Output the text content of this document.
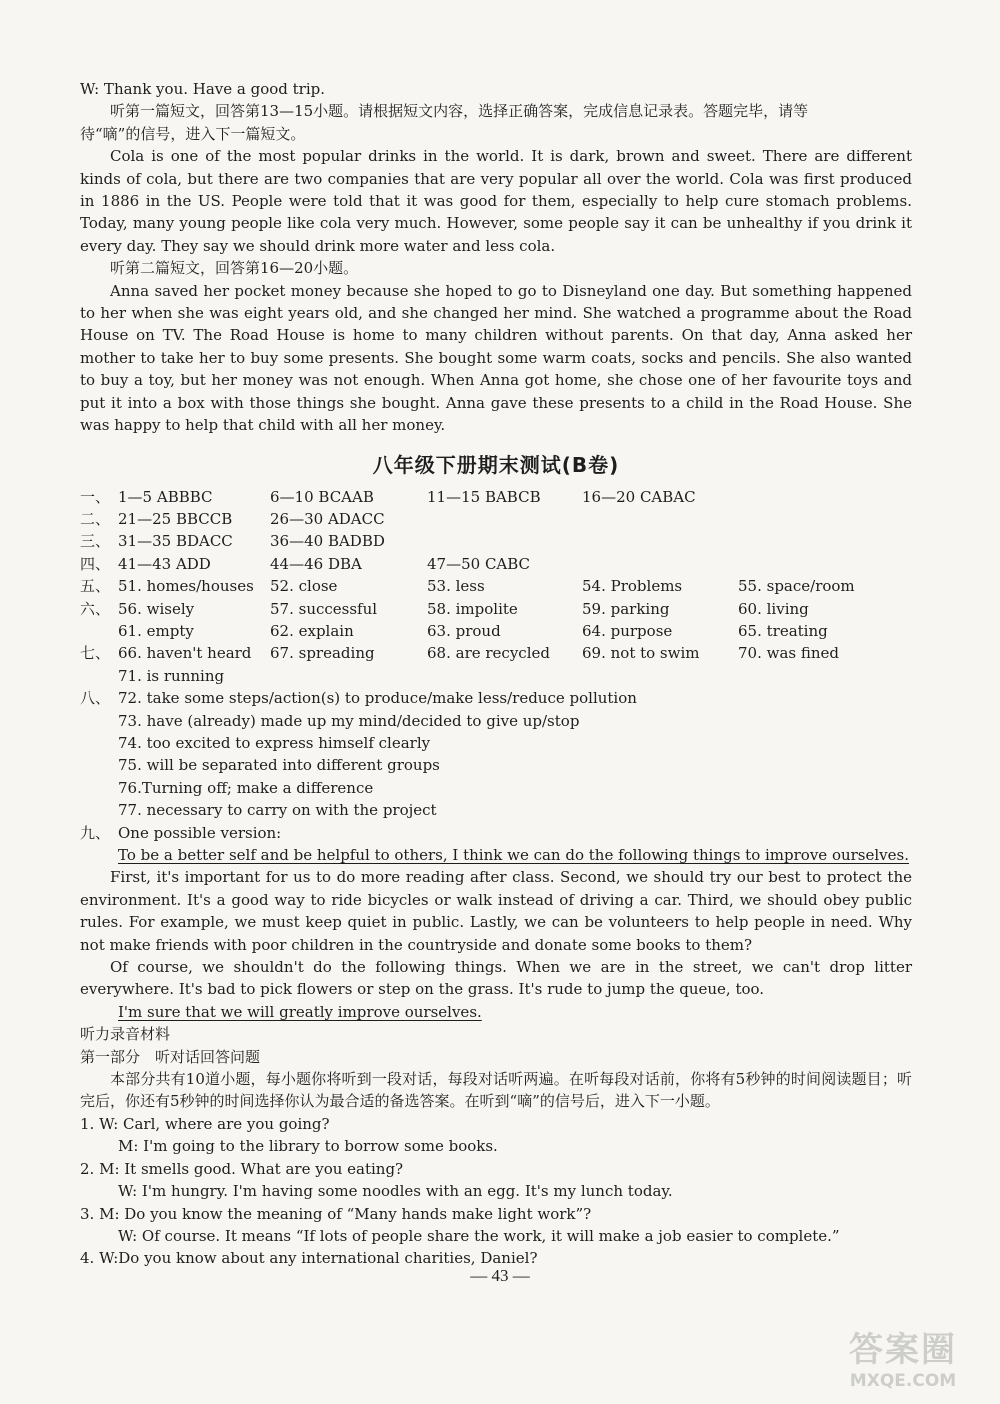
W: Thank you. Have a good trip.
听第一篇短文，回答第13—15小题。请根据短文内容，选择正确答案，完成信息记录表。答题完毕，请等
待“嘀”的信号，进入下一篇短文。
Cola is one of the most popular drinks in the world. It is dark, brown and sweet. There are different kinds of cola, but there are two companies that are very popular all over the world. Cola was first produced in 1886 in the US. People were told that it was good for them, especially to help cure stomach problems. Today, many young people like cola very much. However, some people say it can be unhealthy if you drink it every day. They say we should drink more water and less cola.
听第二篇短文，回答第16—20小题。
Anna saved her pocket money because she hoped to go to Disneyland one day. But something happened to her when she was eight years old, and she changed her mind. She watched a programme about the Road House on TV. The Road House is home to many children without parents. On that day, Anna asked her mother to take her to buy some presents. She bought some warm coats, socks and pencils. She also wanted to buy a toy, but her money was not enough. When Anna got home, she chose one of her favourite toys and put it into a box with those things she bought. Anna gave these presents to a child in the Road House. She was happy to help that child with all her money.
八年级下册期末测试(B卷)
一、 1—5 ABBBC	6—10 BCAAB	11—15 BABCB	16—20 CABAC
二、 21—25 BBCCB	26—30 ADACC
三、 31—35 BDACC	36—40 BADBD
四、 41—43 ADD	44—46 DBA	47—50 CABC
五、 51. homes/houses	52. close	53. less	54. Problems	55. space/room
六、 56. wisely	57. successful	58. impolite	59. parking	60. living
61. empty	62. explain	63. proud	64. purpose	65. treating
七、 66. haven't heard	67. spreading	68. are recycled	69. not to swim	70. was fined
71. is running
八、 72. take some steps/action(s) to produce/make less/reduce pollution
73. have (already) made up my mind/decided to give up/stop
74. too excited to express himself clearly
75. will be separated into different groups
76.Turning off; make a difference
77. necessary to carry on with the project
九、 One possible version:
To be a better self and be helpful to others, I think we can do the following things to improve ourselves.
First, it's important for us to do more reading after class. Second, we should try our best to protect the environment. It's a good way to ride bicycles or walk instead of driving a car. Third, we should obey public rules. For example, we must keep quiet in public. Lastly, we can be volunteers to help people in need. Why not make friends with poor children in the countryside and donate some books to them?
Of course, we shouldn't do the following things. When we are in the street, we can't drop litter everywhere. It's bad to pick flowers or step on the grass. It's rude to jump the queue, too.
I'm sure that we will greatly improve ourselves.
听力录音材料
第一部分　听对话回答问题
本部分共有10道小题，每小题你将听到一段对话，每段对话听两遍。在听每段对话前，你将有5秒钟的时间阅读题目；听完后，你还有5秒钟的时间选择你认为最合适的备选答案。在听到“嘀”的信号后，进入下一小题。
1. W: Carl, where are you going?
M: I'm going to the library to borrow some books.
2. M: It smells good. What are you eating?
W: I'm hungry. I'm having some noodles with an egg. It's my lunch today.
3. M: Do you know the meaning of “Many hands make light work”?
W: Of course. It means “If lots of people share the work, it will make a job easier to complete.”
4. W:Do you know about any international charities, Daniel?
— 43 —
答案圈
MXQE.COM
